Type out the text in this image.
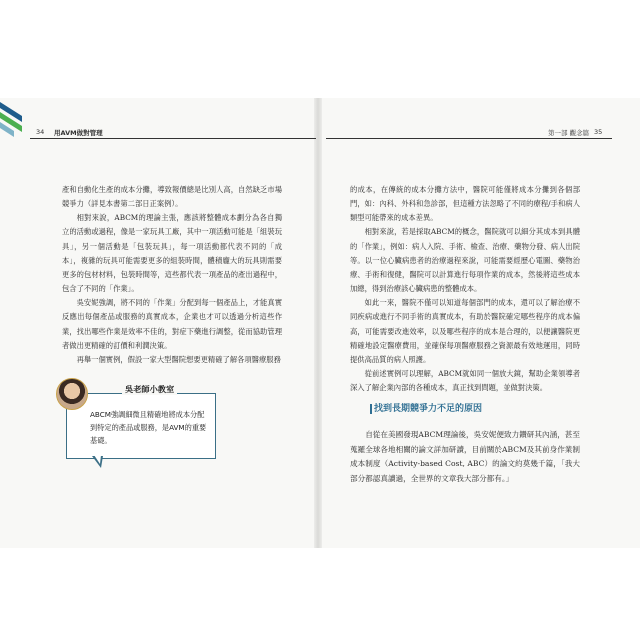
34 用AVM做對管理	第一部 觀念篇 35

產和自動化生產的成本分攤，導致報價總是比別人高，自然缺乏市場競爭力（詳見本書第二部日正案例）。

相對來說，ABCM的理論主張，應該將整體成本劃分為各自獨立的活動或過程，像是一家玩具工廠，其中一項活動可能是「組裝玩具」，另一個活動是「包裝玩具」，每一項活動都代表不同的「成本」，複雜的玩具可能需要更多的組裝時間，體積龐大的玩具則需要更多的包材材料，包裝時間等，這些都代表一項產品的產出過程中，包含了不同的「作業」。

吳安妮強調，將不同的「作業」分配到每一個產品上，才能真實反應出每個產品或服務的真實成本，企業也才可以透過分析這些作業，找出哪些作業是效率不佳的，對症下藥進行調整，從而協助管理者做出更精確的訂價和利潤決策。

再舉一個實例，假設一家大型醫院想要更精確了解各項醫療服務

吳老師小教室

ABCM強調細微且精確地將成本分配到特定的產品或服務，是AVM的重要基礎。

的成本，在傳統的成本分攤方法中，醫院可能僅將成本分攤到各個部門，如：內科、外科和急診部，但這種方法忽略了不同的療程/手和病人類型可能帶來的成本差異。

相對來說，若是採取ABCM的概念，醫院就可以細分其成本到具體的「作業」，例如：病人入院、手術、檢查、治療、藥物分發、病人出院等。以一位心臟病患者的治療過程來說，可能需要經歷心電圖、藥物治療、手術和復健，醫院可以計算進行每項作業的成本，然後將這些成本加總，得到治療該心臟病患的整體成本。

如此一來，醫院不僅可以知道每個部門的成本，還可以了解治療不同疾病或進行不同手術的真實成本，有助於醫院確定哪些程序的成本偏高，可能需要改進效率，以及哪些程序的成本是合理的，以便讓醫院更精確地設定醫療費用，並確保每項醫療服務之資源最有效地運用，同時提供高品質的病人照護。

從前述實例可以理解，ABCM就如同一個放大鏡，幫助企業領導者深入了解企業內部的各種成本，真正找到問題，並做對決策。

找到長期競爭力不足的原因

自從在美國發現ABCM理論後，吳安妮便致力鑽研其內涵，甚至蒐羅全球各地相關的論文詳加研讀，目前關於ABCM及其前身作業制成本制度（Activity-based Cost, ABC）的論文約莫幾千篇，「我大部分都認真讀過，全世界的文章我大部分都有。」
